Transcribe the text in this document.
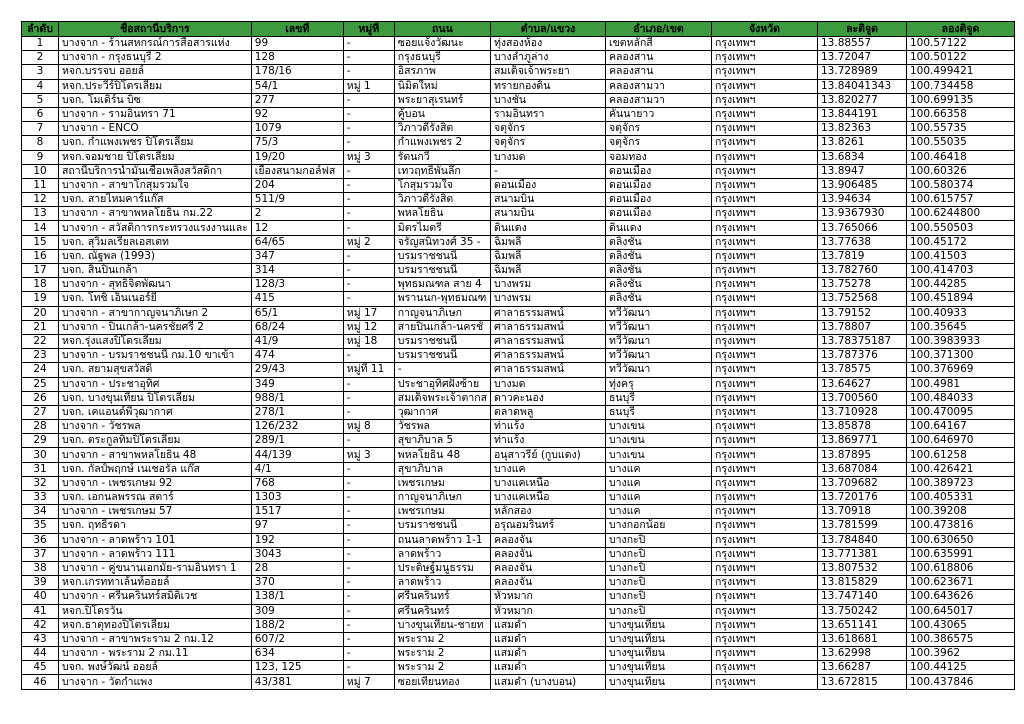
ลำดับ	ชื่อสถานีบริการ	เลขที่	หมู่ที่	ถนน	ตำบล/แขวง	อำเภอ/เขต	จังหวัด	ละติจูด	ลองติจูด
1	บางจาก - ร้านสหกรณ์การสื่อสารแห่ง	99	-	ซอยแจ้งวัฒนะ	ทุ่งสองห้อง	เขตหลักสี่	กรุงเทพฯ	13.88557	100.57122
2	บางจาก - กรุงธนบุรี 2	128	-	กรุงธนบุรี	บางลำภูล่าง	คลองสาน	กรุงเทพฯ	13.72047	100.50122
3	หจก.บรรจบ ออยล์	178/16	-	อิสรภาพ	สมเด็จเจ้าพระยา	คลองสาน	กรุงเทพฯ	13.728989	100.499421
4	หจก.ประวีร์ปิโตรเลียม	54/1	หมู่ 1	นิมิตใหม่	ทรายกองดิน	คลองสามวา	กรุงเทพฯ	13.84041343	100.734458
5	บจก. โมเดิร์น บิซ	277	-	พระยาสุเรนทร์	บางชัน	คลองสามวา	กรุงเทพฯ	13.820277	100.699135
6	บางจาก - รามอินทรา 71	92	-	คู้บอน	รามอินทรา	คันนายาว	กรุงเทพฯ	13.844191	100.66358
7	บางจาก - ENCO	1079	-	วิภาวดีรังสิต	จตุจักร	จตุจักร	กรุงเทพฯ	13.82363	100.55735
8	บจก. กำแพงเพชร ปิโตรเลียม	75/3	-	กำแพงเพชร 2	จตุจักร	จตุจักร	กรุงเทพฯ	13.8261	100.55035
9	หจก.จอมชาย ปิโตรเลียม	19/20	หมู่ 3	รัตนกวี	บางมด	จอมทอง	กรุงเทพฯ	13.6834	100.46418
10	สถานีบริการน้ำมันเชื้อเพลิงสวัสดิกา	เยื้องสนามกอล์ฟส	-	เทวฤทธิ์พันลึก	-	ดอนเมือง	กรุงเทพฯ	13.8947	100.60326
11	บางจาก - สาขาโกสุมรวมใจ	204	-	โกสุมรวมใจ	ดอนเมือง	ดอนเมือง	กรุงเทพฯ	13.906485	100.580374
12	บจก. สายไหมคาร์แก๊ส	511/9	-	วิภาวดีรังสิต	สนามบิน	ดอนเมือง	กรุงเทพฯ	13.94634	100.615757
13	บางจาก - สาขาพหลโยธิน กม.22	2	-	พหลโยธิน	สนามบิน	ดอนเมือง	กรุงเทพฯ	13.9367930	100.6244800
14	บางจาก - สวัสดิการกระทรวงแรงงานและ	12	-	มิตรไมตรี	ดินแดง	ดินแดง	กรุงเทพฯ	13.765066	100.550503
15	บจก. สุวิมลเรียลเอสเตท	64/65	หมู่ 2	จรัญสนิทวงศ์ 35 -	ฉิมพลี	ตลิ่งชัน	กรุงเทพฯ	13.77638	100.45172
16	บจก. ณัฐพล (1993)	347	-	บรมราชชนนี	ฉิมพลี	ตลิ่งชัน	กรุงเทพฯ	13.7819	100.41503
17	บจก. สินปิ่นเกล้า	314	-	บรมราชชนนี	ฉิมพลี	ตลิ่งชัน	กรุงเทพฯ	13.782760	100.414703
18	บางจาก - สุทธิจิตพัฒนา	128/3	-	พุทธมณฑล สาย 4	บางพรม	ตลิ่งชัน	กรุงเทพฯ	13.75278	100.44285
19	บจก. โทชิ เอ็นเนอร์ยี่	415	-	พรานนก-พุทธมณฑ	บางพรม	ตลิ่งชัน	กรุงเทพฯ	13.752568	100.451894
20	บางจาก - สาขากาญจนาภิเษก 2	65/1	หมู่ 17	กาญจนาภิเษก	ศาลาธรรมสพน์	ทวีวัฒนา	กรุงเทพฯ	13.79152	100.40933
21	บางจาก - ปิ่นเกล้า-นครชัยศรี 2	68/24	หมู่ 12	สายปิ่นเกล้า-นครชั	ศาลาธรรมสพน์	ทวีวัฒนา	กรุงเทพฯ	13.78807	100.35645
22	หจก.รุ่งแสงปิโตรเลียม	41/9	หมู่ 18	บรมราชชนนี	ศาลาธรรมสพน์	ทวีวัฒนา	กรุงเทพฯ	13.78375187	100.3983933
23	บางจาก - บรมราชชนนี กม.10 ขาเข้า	474	-	บรมราชชนนี	ศาลาธรรมสพน์	ทวีวัฒนา	กรุงเทพฯ	13.787376	100.371300
24	บจก. สยามสุขสวัสดิ์	29/43	หมู่ที่ 11	-	ศาลาธรรมสพน์	ทวีวัฒนา	กรุงเทพฯ	13.78575	100.376969
25	บางจาก - ประชาอุทิศ	349	-	ประชาอุทิศฝั่งซ้าย	บางมด	ทุ่งครุ	กรุงเทพฯ	13.64627	100.4981
26	บจก. บางขุนเทียน ปิโตรเลียม	988/1	-	สมเด็จพระเจ้าตากส	ดาวคะนอง	ธนบุรี	กรุงเทพฯ	13.700560	100.484033
27	บจก. เคแอนด์พีวุฒากาศ	278/1	-	วุฒากาศ	ตลาดพลู	ธนบุรี	กรุงเทพฯ	13.710928	100.470095
28	บางจาก - วัชรพล	126/232	หมู่ 8	วัชรพล	ท่าแร้ง	บางเขน	กรุงเทพฯ	13.85878	100.64167
29	บจก. ตระกูลทิมปิโตรเลียม	289/1	-	สุขาภิบาล 5	ท่าแร้ง	บางเขน	กรุงเทพฯ	13.869771	100.646970
30	บางจาก - สาขาพหลโยธิน 48	44/139	หมู่ 3	พหลโยธิน 48	อนุสาวรีย์ (กูบแดง)	บางเขน	กรุงเทพฯ	13.87895	100.61258
31	บจก. กัลป์พฤกษ์ เนเชอรัล แก๊ส	4/1	-	สุขาภิบาล	บางแค	บางแค	กรุงเทพฯ	13.687084	100.426421
32	บางจาก - เพชรเกษม 92	768	-	เพชรเกษม	บางแคเหนือ	บางแค	กรุงเทพฯ	13.709682	100.389723
33	บจก. เอกนลพรรณ สตาร์	1303	-	กาญจนาภิเษก	บางแคเหนือ	บางแค	กรุงเทพฯ	13.720176	100.405331
34	บางจาก - เพชรเกษม 57	1517	-	เพชรเกษม	หลักสอง	บางแค	กรุงเทพฯ	13.70918	100.39208
35	บจก. ฤทธิ์รดา	97	-	บรมราชชนนี	อรุณอมรินทร์	บางกอกน้อย	กรุงเทพฯ	13.781599	100.473816
36	บางจาก - ลาดพร้าว 101	192	-	ถนนลาดพร้าว 1-1	คลองจั่น	บางกะปิ	กรุงเทพฯ	13.784840	100.630650
37	บางจาก - ลาดพร้าว 111	3043	-	ลาดพร้าว	คลองจั่น	บางกะปิ	กรุงเทพฯ	13.771381	100.635991
38	บางจาก - คู่ขนานเอกมัย-รามอินทรา 1	28	-	ประดิษฐ์มนูธรรม	คลองจั่น	บางกะปิ	กรุงเทพฯ	13.807532	100.618806
39	หจก.เกรททาเล้นท์ออยล์	370	-	ลาดพร้าว	คลองจั่น	บางกะปิ	กรุงเทพฯ	13.815829	100.623671
40	บางจาก - ศรีนครินทร์สมิติเวช	138/1	-	ศรีนครินทร์	หัวหมาก	บางกะปิ	กรุงเทพฯ	13.747140	100.643626
41	หจก.ปิโตรวัน	309	-	ศรีนครินทร์	หัวหมาก	บางกะปิ	กรุงเทพฯ	13.750242	100.645017
42	หจก.ธาตุทองปิโตรเลียม	188/2	-	บางขุนเทียน-ชายท	แสมดำ	บางขุนเทียน	กรุงเทพฯ	13.651141	100.43065
43	บางจาก - สาขาพระราม 2 กม.12	607/2	-	พระราม 2	แสมดำ	บางขุนเทียน	กรุงเทพฯ	13.618681	100.386575
44	บางจาก - พระราม 2 กม.11	634	-	พระราม 2	แสมดำ	บางขุนเทียน	กรุงเทพฯ	13.62998	100.3962
45	บจก. พงษ์วัฒน์ ออยล์	123, 125	-	พระราม 2	แสมดำ	บางขุนเทียน	กรุงเทพฯ	13.66287	100.44125
46	บางจาก - วัดกำแพง	43/381	หมู่ 7	ซอยเทียนทอง	แสมดำ (บางบอน)	บางขุนเทียน	กรุงเทพฯ	13.672815	100.437846
